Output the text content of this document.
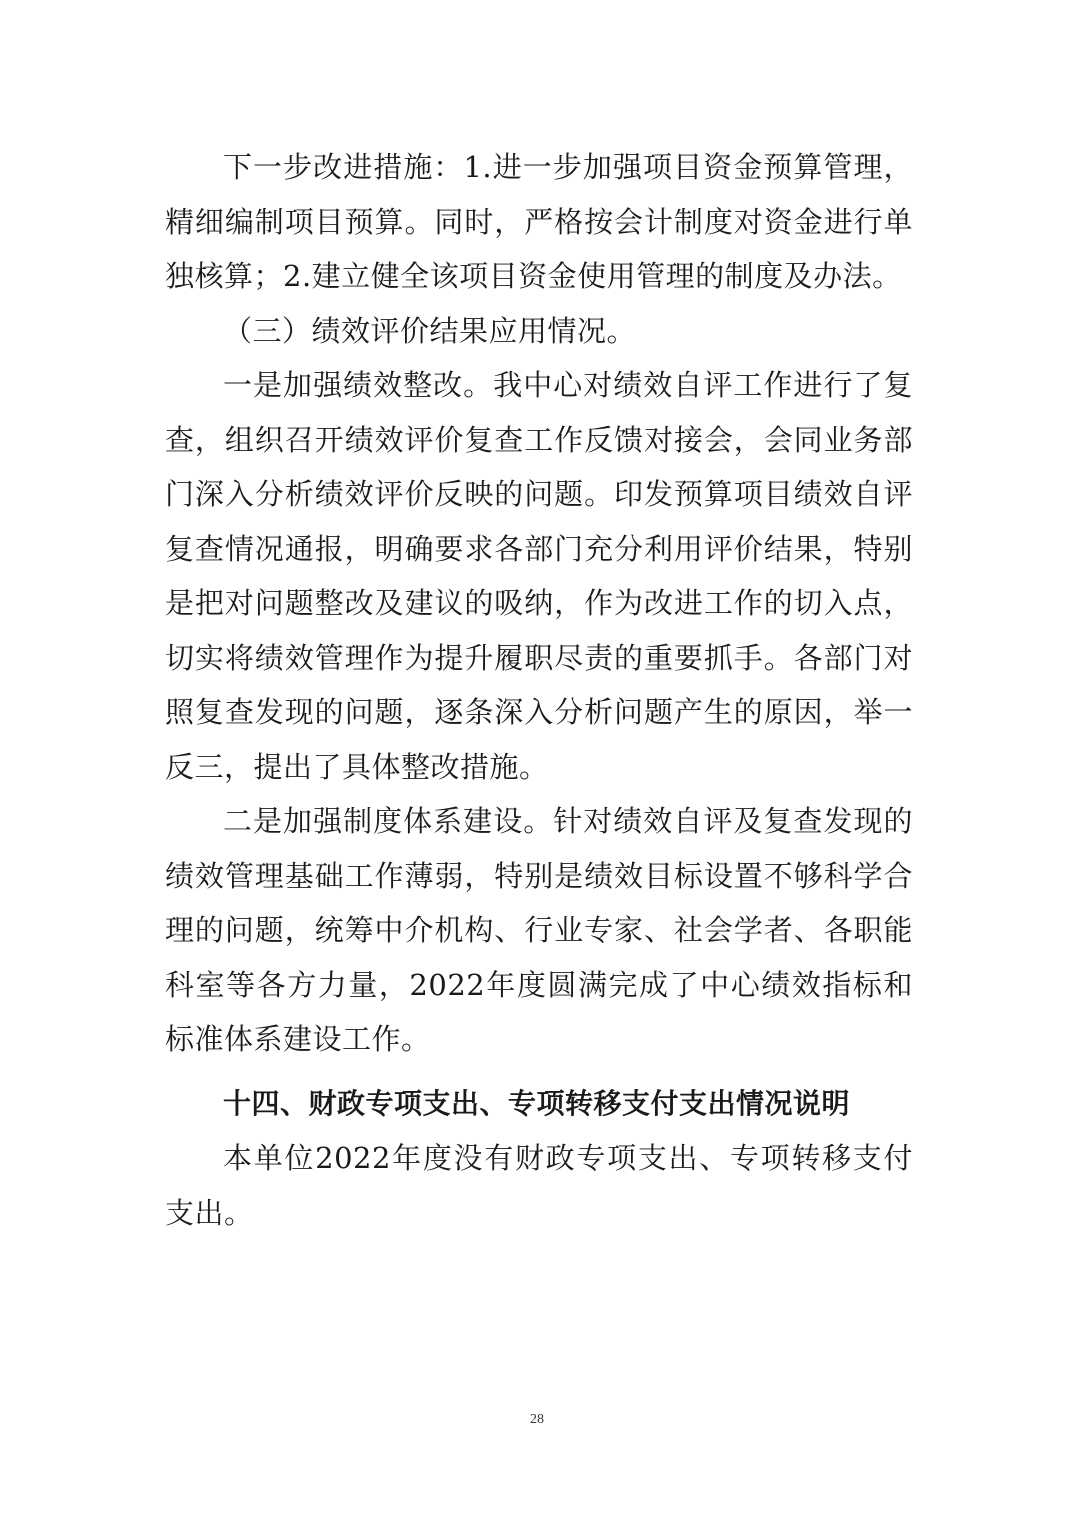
下一步改进措施：1.进一步加强项目资金预算管理，精细编制项目预算。同时，严格按会计制度对资金进行单独核算；2.建立健全该项目资金使用管理的制度及办法。

（三）绩效评价结果应用情况。

一是加强绩效整改。我中心对绩效自评工作进行了复查，组织召开绩效评价复查工作反馈对接会，会同业务部门深入分析绩效评价反映的问题。印发预算项目绩效自评复查情况通报，明确要求各部门充分利用评价结果，特别是把对问题整改及建议的吸纳，作为改进工作的切入点，切实将绩效管理作为提升履职尽责的重要抓手。各部门对照复查发现的问题，逐条深入分析问题产生的原因，举一反三，提出了具体整改措施。

二是加强制度体系建设。针对绩效自评及复查发现的绩效管理基础工作薄弱，特别是绩效目标设置不够科学合理的问题，统筹中介机构、行业专家、社会学者、各职能科室等各方力量，2022年度圆满完成了中心绩效指标和标准体系建设工作。

十四、财政专项支出、专项转移支付支出情况说明

本单位2022年度没有财政专项支出、专项转移支付支出。

28
